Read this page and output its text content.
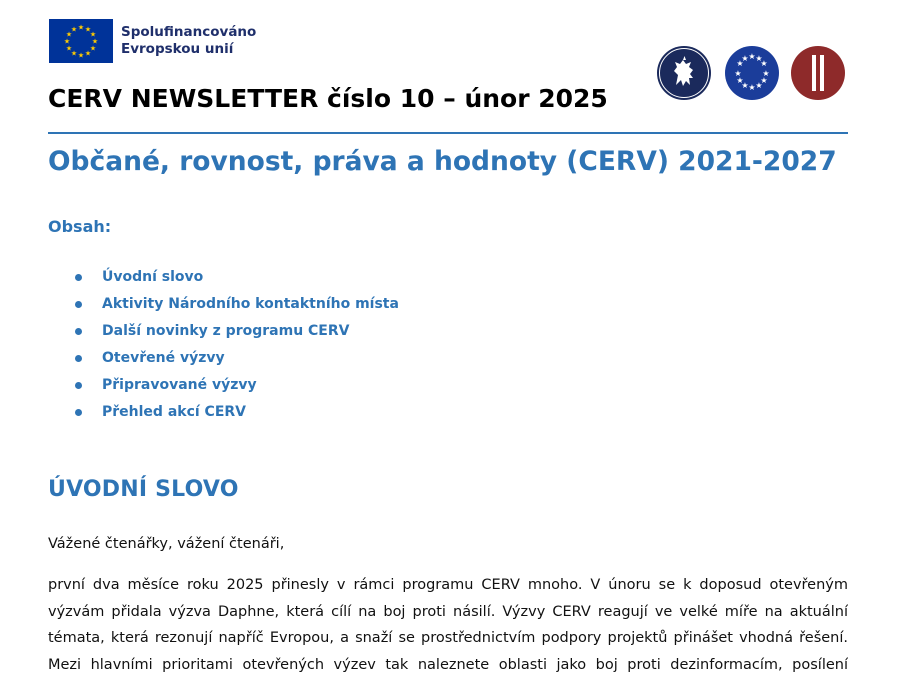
★ ★
★
★
★
★
★
★
★
★
★
★	Spolufinancováno
Evropskou unií	★ ★
★
★
★
★
★
★
★
★
★
★
CERV NEWSLETTER číslo 10 – únor 2025
Občané, rovnost, práva a hodnoty (CERV) 2021-2027
Obsah:
Úvodní slovo
Aktivity Národního kontaktního místa
Další novinky z programu CERV
Otevřené výzvy
Připravované výzvy
Přehled akcí CERV
ÚVODNÍ SLOVO

Vážené čtenářky, vážení čtenáři,

první dva měsíce roku 2025 přinesly v rámci programu CERV mnoho. V únoru se k doposud otevřeným
výzvám přidala výzva Daphne, která cílí na boj proti násilí. Výzvy CERV reagují ve velké míře na aktuální
témata, která rezonují napříč Evropou, a snaží se prostřednictvím podpory projektů přinášet vhodná řešení.
Mezi hlavními prioritami otevřených výzev tak naleznete oblasti jako boj proti dezinformacím, posílení
